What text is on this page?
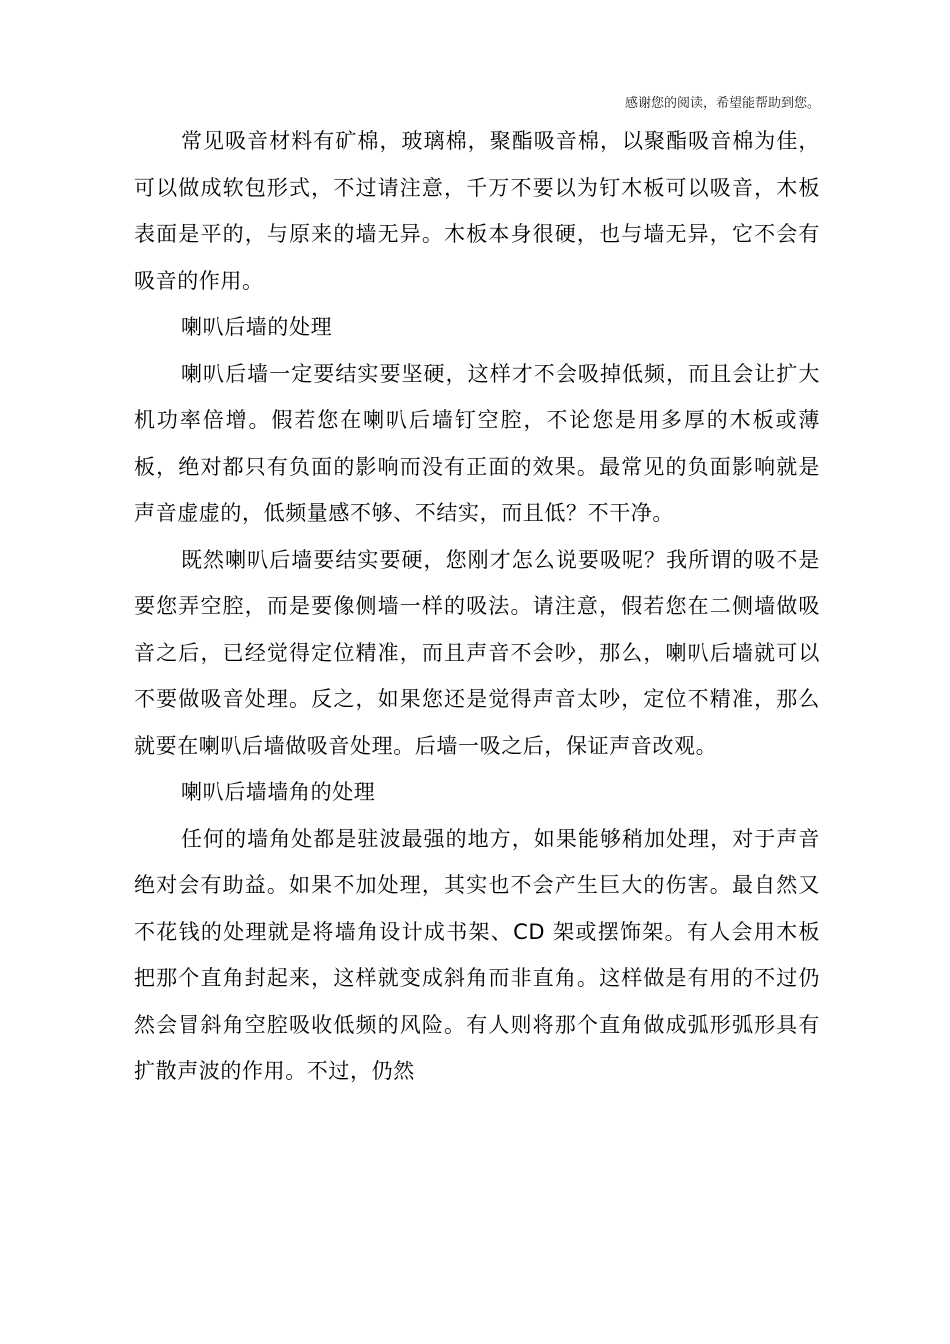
感谢您的阅读，希望能帮助到您。

常见吸音材料有矿棉，玻璃棉，聚酯吸音棉，以聚酯吸音棉为佳，可以做成软包形式，不过请注意，千万不要以为钉木板可以吸音，木板表面是平的，与原来的墙无异。木板本身很硬，也与墙无异，它不会有吸音的作用。

喇叭后墙的处理

喇叭后墙一定要结实要坚硬，这样才不会吸掉低频，而且会让扩大机功率倍增。假若您在喇叭后墙钉空腔，不论您是用多厚的木板或薄板，绝对都只有负面的影响而没有正面的效果。最常见的负面影响就是声音虚虚的，低频量感不够、不结实，而且低？不干净。

既然喇叭后墙要结实要硬，您刚才怎么说要吸呢？我所谓的吸不是要您弄空腔，而是要像侧墙一样的吸法。请注意，假若您在二侧墙做吸音之后，已经觉得定位精准，而且声音不会吵，那么，喇叭后墙就可以不要做吸音处理。反之，如果您还是觉得声音太吵，定位不精准，那么就要在喇叭后墙做吸音处理。后墙一吸之后，保证声音改观。

喇叭后墙墙角的处理

任何的墙角处都是驻波最强的地方，如果能够稍加处理，对于声音绝对会有助益。如果不加处理，其实也不会产生巨大的伤害。最自然又不花钱的处理就是将墙角设计成书架、CD 架或摆饰架。有人会用木板把那个直角封起来，这样就变成斜角而非直角。这样做是有用的不过仍然会冒斜角空腔吸收低频的风险。有人则将那个直角做成弧形弧形具有扩散声波的作用。不过，仍然
